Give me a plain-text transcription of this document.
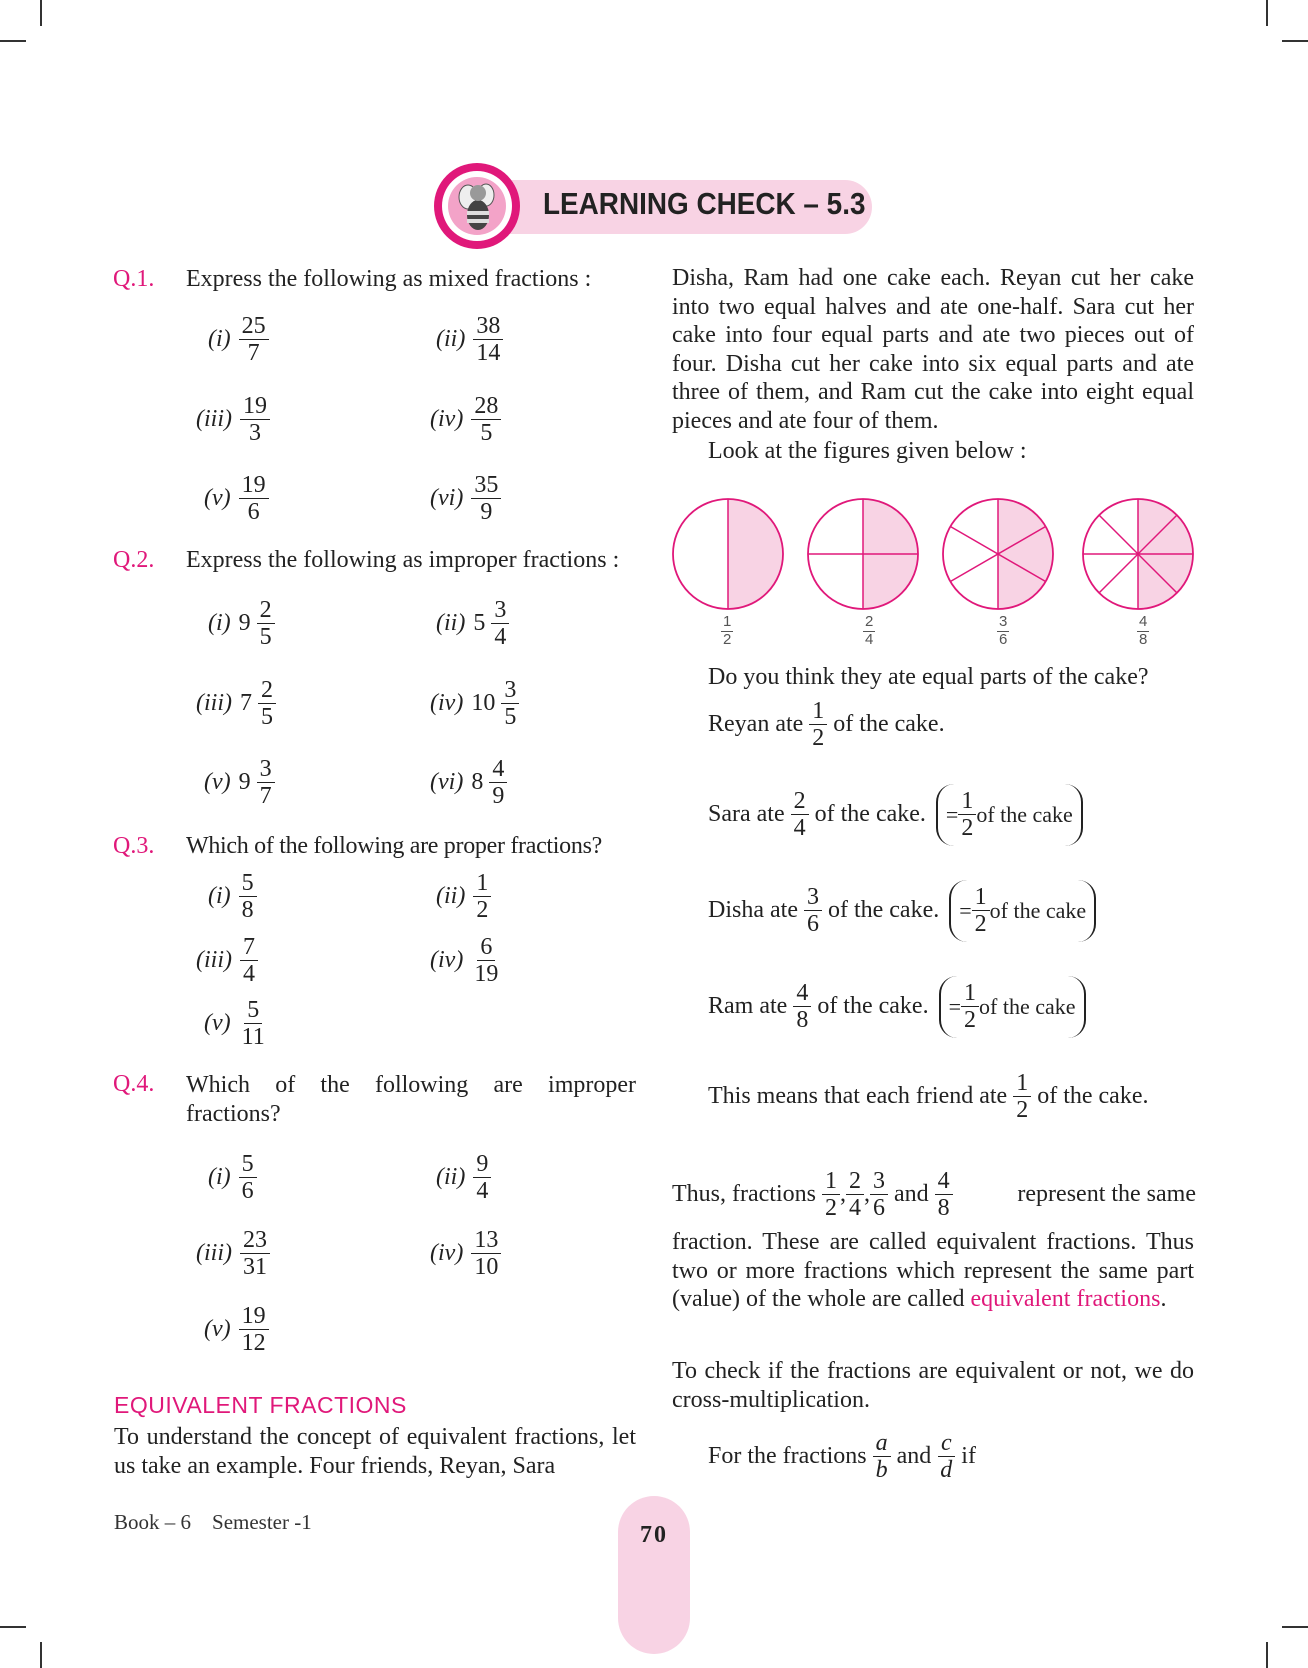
LEARNING CHECK – 5.3
Q.1. Express the following as mixed fractions :
$(i) \frac{25}{7}$	$(ii) \frac{38}{14}$
$(iii) \frac{19}{3}$	$(iv) \frac{28}{5}$
$(v) \frac{19}{6}$	$(vi) \frac{35}{9}$
Q.2. Express the following as improper fractions :
(i) $9 \frac{2}{5}$	(ii) $5 \frac{3}{4}$
(iii) $7 \frac{2}{5}$	(iv) $10 \frac{3}{5}$
(v) $9 \frac{3}{7}$	(vi) $8 \frac{4}{9}$
Q.3. Which of the following are proper fractions?
$(i) \frac{5}{8}$	$(ii) \frac{1}{2}$
$(iii) \frac{7}{4}$	$(iv) \frac{6}{19}$
$(v) \frac{5}{11}$
Q.4. Which of the following are improper fractions?
$(i) \frac{5}{6}$	$(ii) \frac{9}{4}$
$(iii) \frac{23}{31}$	$(iv) \frac{13}{10}$
$(v) \frac{19}{12}$
EQUIVALENT FRACTIONS
To understand the concept of equivalent fractions, let us take an example. Four friends, Reyan, Sara
Disha, Ram had one cake each. Reyan cut her cake into two equal halves and ate one-half. Sara cut her cake into four equal parts and ate two pieces out of four. Disha cut her cake into six equal parts and ate three of them, and Ram cut the cake into eight equal pieces and ate four of them.
Look at the figures given below :
$\frac{1}{2}$	$\frac{2}{4}$	$\frac{3}{6}$	$\frac{4}{8}$
Do you think they ate equal parts of the cake?
Reyan ate
$\frac{1}{2}$
of the cake.
Sara ate
$\frac{2}{4}$
of the cake. = $\frac{1}{2}$ of the cake
Disha ate
$\frac{3}{6}$
of the cake. = $\frac{1}{2}$ of the cake
Ram ate
$\frac{4}{8}$
of the cake. = $\frac{1}{2}$ of the cake
This means that each friend ate
$\frac{1}{2}$
of the cake.
Thus, fractions
$\frac{1}{2}$ , $\frac{2}{4}$ , $\frac{3}{6}$
and
$\frac{4}{8}$	represent the same
fraction. These are called equivalent fractions. Thus two or more fractions which represent the same part (value) of the whole are called equivalent fractions.
To check if the fractions are equivalent or not, we do cross-multiplication.
For the fractions
$\frac{a}{b}$
and
$\frac{c}{d}$
if
Book – 6 Semester -1	70
